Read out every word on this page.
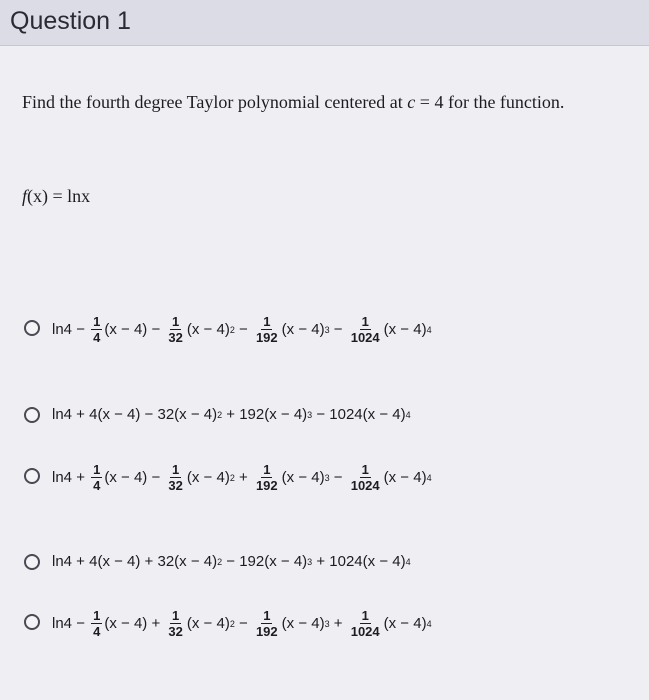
Question 1
Find the fourth degree Taylor polynomial centered at c = 4 for the function.
f(x) = lnx
$\ln 4 - \frac{1}{4} (x - 4) - \frac{1}{32} (x - 4) 2 - \frac{1}{192} (x - 4) 3 - \frac{1}{1024} (x - 4)$ 4
ln4 + 4(x − 4) − 32(x − 4) 2 + 192(x − 4) 3 − 1024(x − 4) 4
$\ln 4 + \frac{1}{4} (x - 4) - \frac{1}{32} (x - 4) 2 + \frac{1}{192} (x - 4) 3 - \frac{1}{1024} (x - 4)$ 4
ln4 + 4(x − 4) + 32(x − 4) 2 − 192(x − 4) 3 + 1024(x − 4) 4
$\ln 4 - \frac{1}{4} (x - 4) + \frac{1}{32} (x - 4) 2 - \frac{1}{192} (x - 4) 3 + \frac{1}{1024} (x - 4)$ 4
